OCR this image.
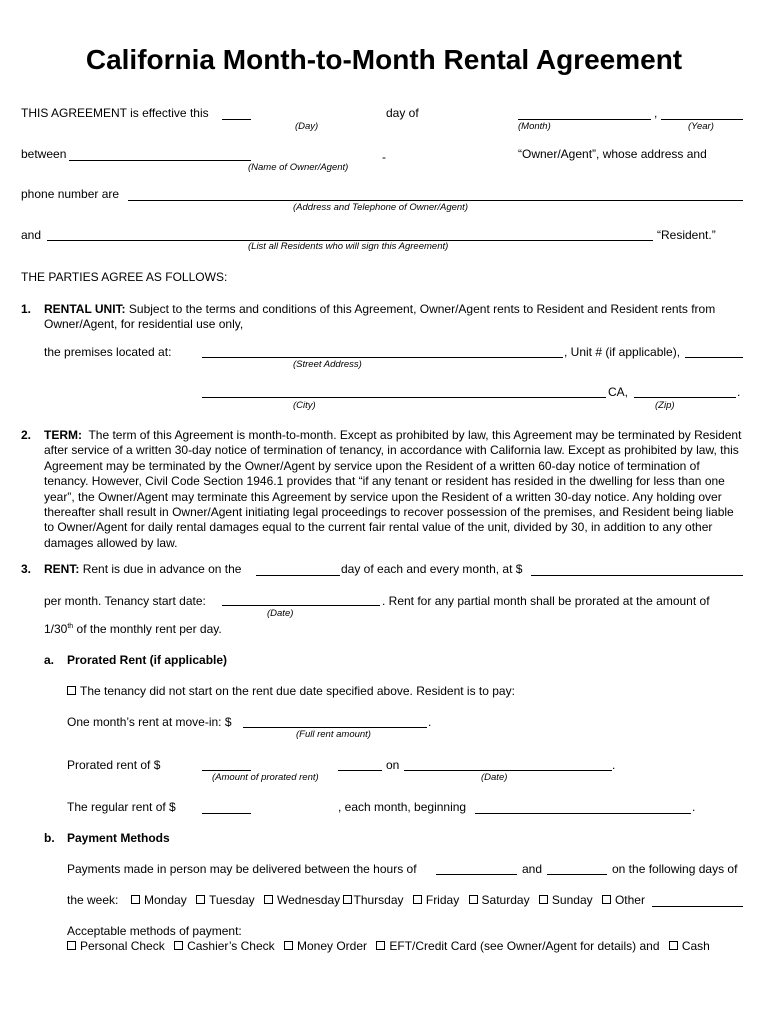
California Month-to-Month Rental Agreement
THIS AGREEMENT is effective this	day of	,
(Day)	(Month)	(Year)
between	-	“Owner/Agent”, whose address and
(Name of Owner/Agent)
phone number are
(Address and Telephone of Owner/Agent)
and	“Resident.”
(List all Residents who will sign this Agreement)
THE PARTIES AGREE AS FOLLOWS:
1. RENTAL UNIT: Subject to the terms and conditions of this Agreement, Owner/Agent rents to Resident and Resident rents from Owner/Agent, for residential use only,
the premises located at:	, Unit # (if applicable),
(Street Address)
CA,	.
(City)	(Zip)
2. TERM: The term of this Agreement is month-to-month. Except as prohibited by law, this Agreement may be terminated by Resident after service of a written 30-day notice of termination of tenancy, in accordance with California law. Except as prohibited by law, this Agreement may be terminated by the Owner/Agent by service upon the Resident of a written 60-day notice of termination of tenancy. However, Civil Code Section 1946.1 provides that “if any tenant or resident has resided in the dwelling for less than one year”, the Owner/Agent may terminate this Agreement by service upon the Resident of a written 30-day notice. Any holding over thereafter shall result in Owner/Agent initiating legal proceedings to recover possession of the premises, and Resident being liable to Owner/Agent for daily rental damages equal to the current fair rental value of the unit, divided by 30, in addition to any other damages allowed by law.
3. RENT: Rent is due in advance on the	day of each and every month, at $
per month. Tenancy start date:	. Rent for any partial month shall be prorated at the amount of
(Date)
1/30th of the monthly rent per day.
a. Prorated Rent (if applicable)
The tenancy did not start on the rent due date specified above. Resident is to pay:
One month’s rent at move-in: $	.
(Full rent amount)
Prorated rent of $	on	.
(Amount of prorated rent)	(Date)
The regular rent of $	, each month, beginning	.
b. Payment Methods
Payments made in person may be delivered between the hours of	and	on the following days of
the week:	Monday Tuesday Wednesday Thursday Friday Saturday Sunday Other
Acceptable methods of payment:
Personal Check Cashier’s Check Money Order EFT/Credit Card (see Owner/Agent for details) and Cash
